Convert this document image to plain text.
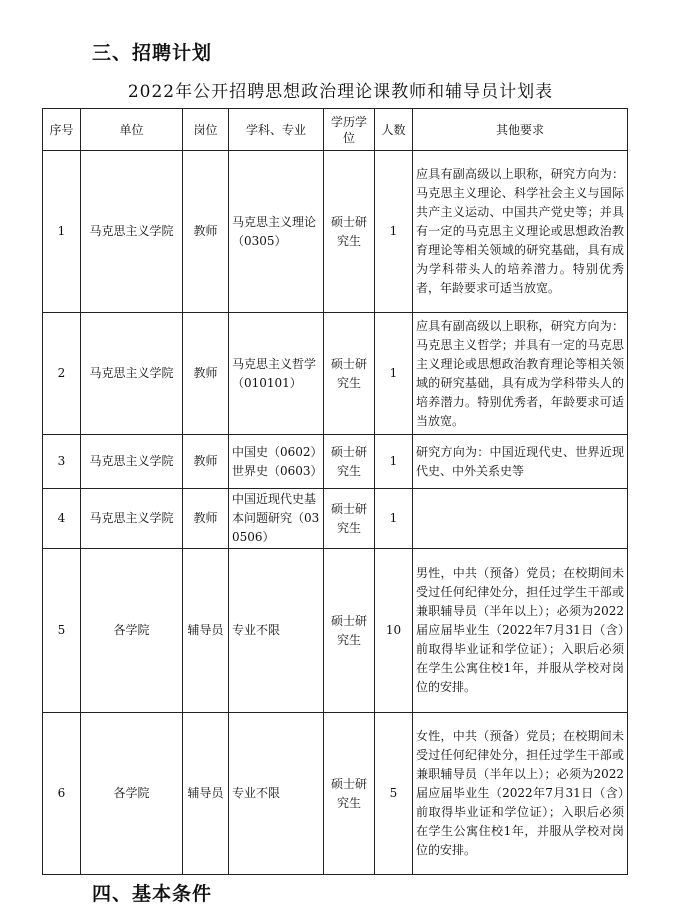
三、招聘计划
2022年公开招聘思想政治理论课教师和辅导员计划表
序号	单位	岗位	学科、专业	学历学位	人数	其他要求
1	马克思主义学院	教师	马克思主义理论（0305）	硕士研究生	1	应具有副高级以上职称，研究方向为：马克思主义理论、科学社会主义与国际共产主义运动、中国共产党史等；并具有一定的马克思主义理论或思想政治教育理论等相关领域的研究基础，具有成为学科带头人的培养潜力。特别优秀者，年龄要求可适当放宽。
2	马克思主义学院	教师	马克思主义哲学（010101）	硕士研究生	1	应具有副高级以上职称，研究方向为：马克思主义哲学；并具有一定的马克思主义理论或思想政治教育理论等相关领域的研究基础，具有成为学科带头人的培养潜力。特别优秀者，年龄要求可适当放宽。
3	马克思主义学院	教师	中国史（0602）世界史（0603）	硕士研究生	1	研究方向为：中国近现代史、世界近现代史、中外关系史等
4	马克思主义学院	教师	中国近现代史基本问题研究（030506）	硕士研究生	1	
5	各学院	辅导员	专业不限	硕士研究生	10	男性，中共（预备）党员；在校期间未受过任何纪律处分，担任过学生干部或兼职辅导员（半年以上）；必须为2022届应届毕业生（2022年7月31日（含）前取得毕业证和学位证）；入职后必须在学生公寓住校1年，并服从学校对岗位的安排。
6	各学院	辅导员	专业不限	硕士研究生	5	女性，中共（预备）党员；在校期间未受过任何纪律处分，担任过学生干部或兼职辅导员（半年以上）；必须为2022届应届毕业生（2022年7月31日（含）前取得毕业证和学位证）；入职后必须在学生公寓住校1年，并服从学校对岗位的安排。
四、基本条件
